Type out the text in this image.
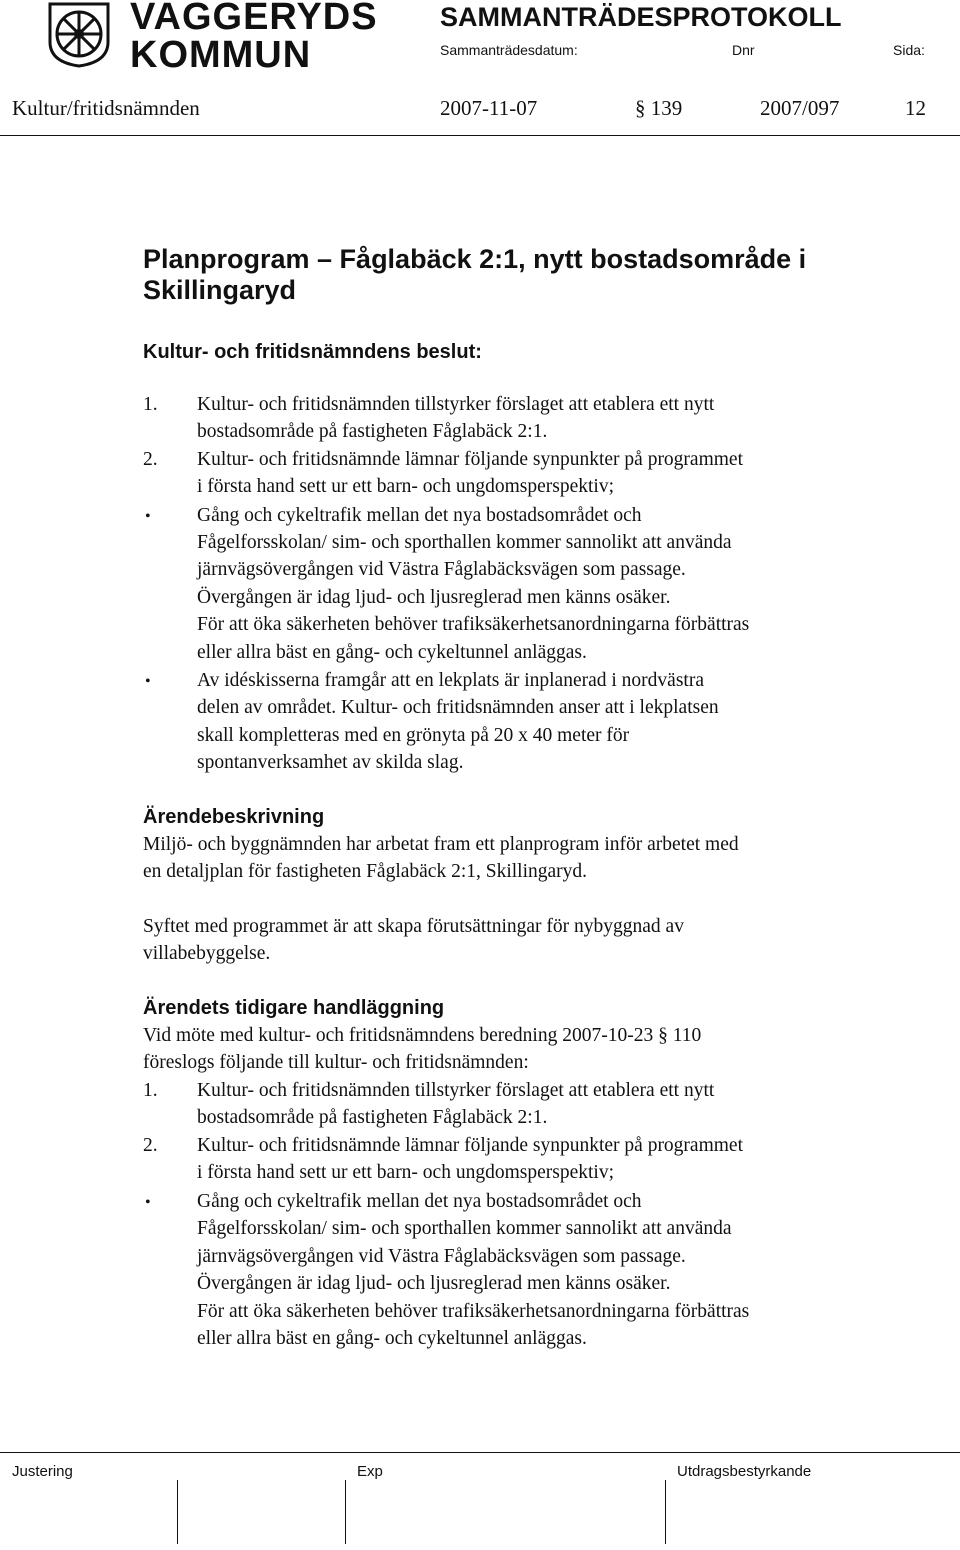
VAGGERYDS
KOMMUN
SAMMANTRÄDESPROTOKOLL
Sammanträdesdatum:	Dnr	Sida:
Kultur/fritidsnämnden	2007-11-07	§ 139	2007/097	12
Planprogram – Fåglabäck 2:1, nytt bostadsområde i
Skillingaryd
Kultur- och fritidsnämndens beslut:
1. Kultur- och fritidsnämnden tillstyrker förslaget att etablera ett nytt
bostadsområde på fastigheten Fåglabäck 2:1.
2. Kultur- och fritidsnämnde lämnar följande synpunkter på programmet
i första hand sett ur ett barn- och ungdomsperspektiv;
• Gång och cykeltrafik mellan det nya bostadsområdet och
Fågelforsskolan/ sim- och sporthallen kommer sannolikt att använda
järnvägsövergången vid Västra Fåglabäcksvägen som passage.
Övergången är idag ljud- och ljusreglerad men känns osäker.
För att öka säkerheten behöver trafiksäkerhetsanordningarna förbättras
eller allra bäst en gång- och cykeltunnel anläggas.
• Av idéskisserna framgår att en lekplats är inplanerad i nordvästra
delen av området. Kultur- och fritidsnämnden anser att i lekplatsen
skall kompletteras med en grönyta på 20 x 40 meter för
spontanverksamhet av skilda slag.
Ärendebeskrivning
Miljö- och byggnämnden har arbetat fram ett planprogram inför arbetet med
en detaljplan för fastigheten Fåglabäck 2:1, Skillingaryd.
Syftet med programmet är att skapa förutsättningar för nybyggnad av
villabebyggelse.
Ärendets tidigare handläggning
Vid möte med kultur- och fritidsnämndens beredning 2007-10-23 § 110
föreslogs följande till kultur- och fritidsnämnden:
1. Kultur- och fritidsnämnden tillstyrker förslaget att etablera ett nytt
bostadsområde på fastigheten Fåglabäck 2:1.
2. Kultur- och fritidsnämnde lämnar följande synpunkter på programmet
i första hand sett ur ett barn- och ungdomsperspektiv;
• Gång och cykeltrafik mellan det nya bostadsområdet och
Fågelforsskolan/ sim- och sporthallen kommer sannolikt att använda
järnvägsövergången vid Västra Fåglabäcksvägen som passage.
Övergången är idag ljud- och ljusreglerad men känns osäker.
För att öka säkerheten behöver trafiksäkerhetsanordningarna förbättras
eller allra bäst en gång- och cykeltunnel anläggas.
Justering	Exp	Utdragsbestyrkande
